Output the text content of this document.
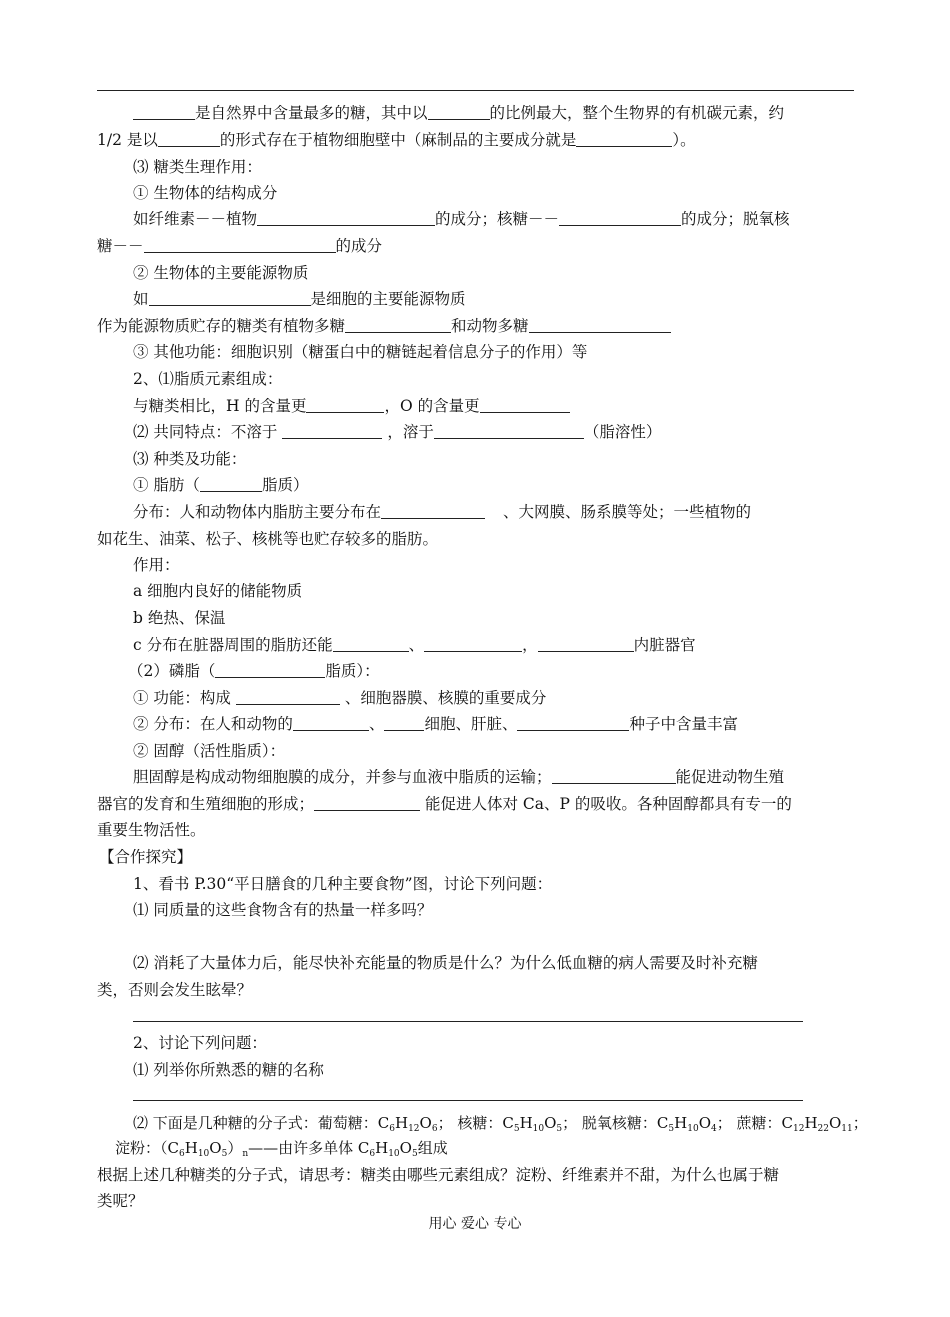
是自然界中含量最多的糖，其中以	的比例最大，整个生物界的有机碳元素，约
1/2 是以	的形式存在于植物细胞壁中（麻制品的主要成分就是	）。
⑶ 糖类生理作用：
① 生物体的结构成分
如纤维素－－植物	的成分；核糖－－	的成分；脱氧核
糖－－	的成分
② 生物体的主要能源物质
如	是细胞的主要能源物质
作为能源物质贮存的糖类有植物多糖	和动物多糖
③ 其他功能：细胞识别（糖蛋白中的糖链起着信息分子的作用）等
2、⑴脂质元素组成：
与糖类相比，H 的含量更	，O 的含量更
⑵ 共同特点：不溶于	，溶于	（脂溶性）
⑶ 种类及功能：
① 脂肪（	脂质）
分布：人和动物体内脂肪主要分布在	、大网膜、肠系膜等处；一些植物的
如花生、油菜、松子、核桃等也贮存较多的脂肪。
作用：
a 细胞内良好的储能物质
b 绝热、保温
c 分布在脏器周围的脂肪还能	、	，	内脏器官
（2）磷脂（	脂质）：
① 功能：构成	、细胞器膜、核膜的重要成分
② 分布：在人和动物的	、	细胞、肝脏、	种子中含量丰富
② 固醇（活性脂质）：
胆固醇是构成动物细胞膜的成分，并参与血液中脂质的运输；	能促进动物生殖
器官的发育和生殖细胞的形成；	能促进人体对 Ca、P 的吸收。各种固醇都具有专一的
重要生物活性。
【合作探究】
1、看书 P.30“平日膳食的几种主要食物”图，讨论下列问题：
⑴ 同质量的这些食物含有的热量一样多吗？
⑵ 消耗了大量体力后，能尽快补充能量的物质是什么？为什么低血糖的病人需要及时补充糖
类，否则会发生眩晕？
2、讨论下列问题：
⑴ 列举你所熟悉的糖的名称
⑵ 下面是几种糖的分子式：葡萄糖：$C_6H_{12}O_6$； 核糖：$C_5H_{10}O_5$； 脱氧核糖：$C_5H_{10}O_4$； 蔗糖：$C_{12}H_{22}O_{11}$；
淀粉：$(C_6H_{10}O_5)_n——$由许多单体 $C_6H_{10}O_5$组成
根据上述几种糖类的分子式，请思考：糖类由哪些元素组成？淀粉、纤维素并不甜，为什么也属于糖
类呢？
用心 爱心 专心
